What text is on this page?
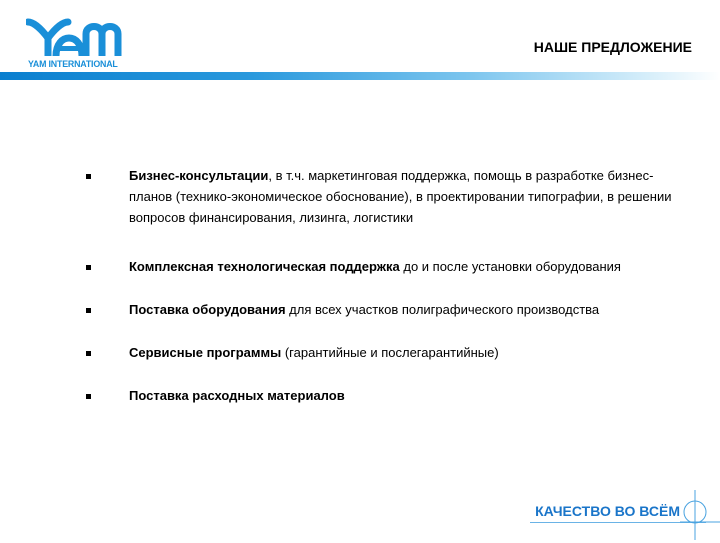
YAM INTERNATIONAL
НАШЕ ПРЕДЛОЖЕНИЕ
Бизнес-консультации, в т.ч. маркетинговая поддержка, помощь в разработке бизнес-планов (технико-экономическое обоснование), в проектировании типографии, в решении вопросов финансирования, лизинга, логистики
Комплексная технологическая поддержка до и после установки оборудования
Поставка оборудования для всех участков полиграфического производства
Сервисные программы (гарантийные и послегарантийные)
Поставка расходных материалов
КАЧЕСТВО ВО ВСЁМ
